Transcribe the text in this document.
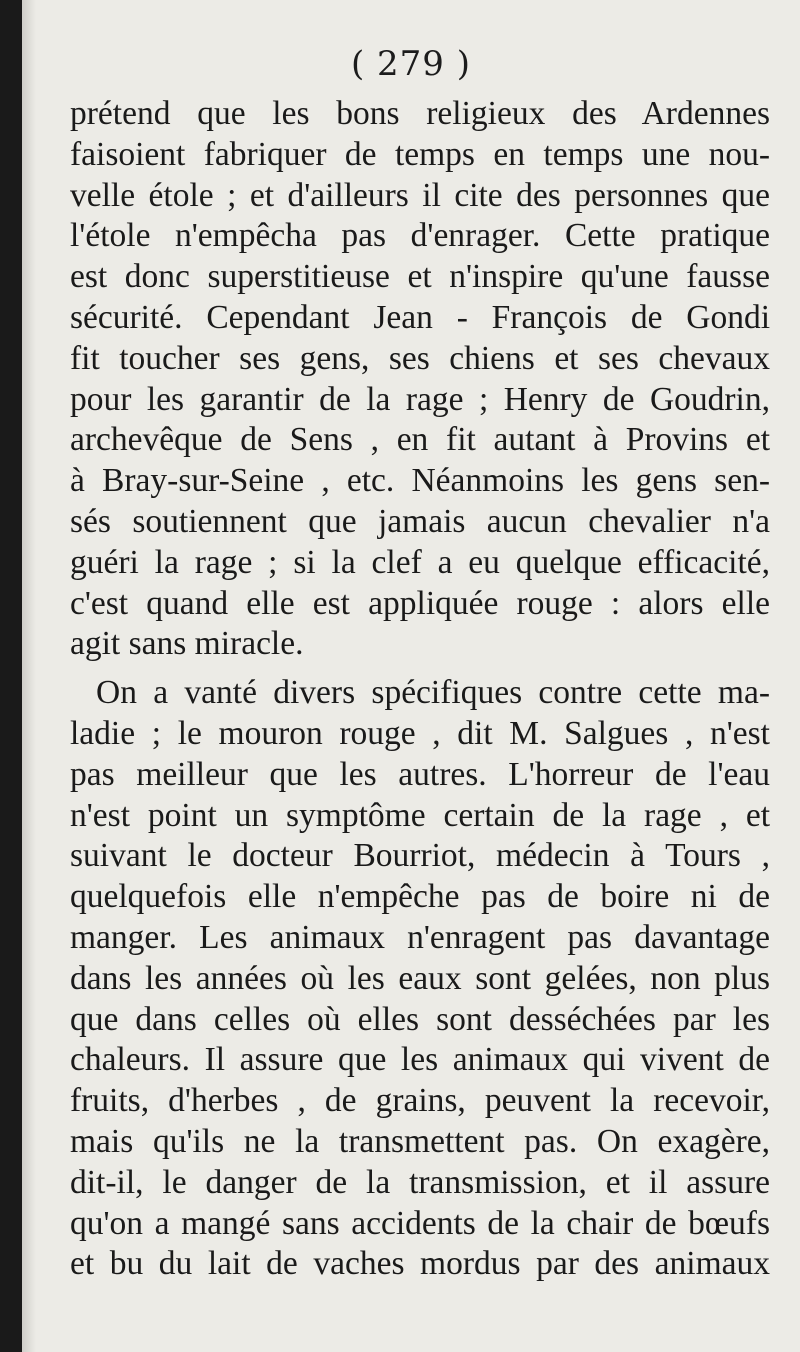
( 279 )
prétend que les bons religieux des Ardennes
faisoient fabriquer de temps en temps une nou-
velle étole ; et d'ailleurs il cite des personnes que
l'étole n'empêcha pas d'enrager. Cette pratique
est donc superstitieuse et n'inspire qu'une fausse
sécurité. Cependant Jean - François de Gondi
fit toucher ses gens, ses chiens et ses chevaux
pour les garantir de la rage ; Henry de Goudrin,
archevêque de Sens , en fit autant à Provins et
à Bray-sur-Seine , etc. Néanmoins les gens sen-
sés soutiennent que jamais aucun chevalier n'a
guéri la rage ; si la clef a eu quelque efficacité,
c'est quand elle est appliquée rouge : alors elle
agit sans miracle.
On a vanté divers spécifiques contre cette ma-
ladie ; le mouron rouge , dit M. Salgues , n'est
pas meilleur que les autres. L'horreur de l'eau
n'est point un symptôme certain de la rage , et
suivant le docteur Bourriot, médecin à Tours ,
quelquefois elle n'empêche pas de boire ni de
manger. Les animaux n'enragent pas davantage
dans les années où les eaux sont gelées, non plus
que dans celles où elles sont desséchées par les
chaleurs. Il assure que les animaux qui vivent de
fruits, d'herbes , de grains, peuvent la recevoir,
mais qu'ils ne la transmettent pas. On exagère,
dit-il, le danger de la transmission, et il assure
qu'on a mangé sans accidents de la chair de bœufs
et bu du lait de vaches mordus par des animaux
